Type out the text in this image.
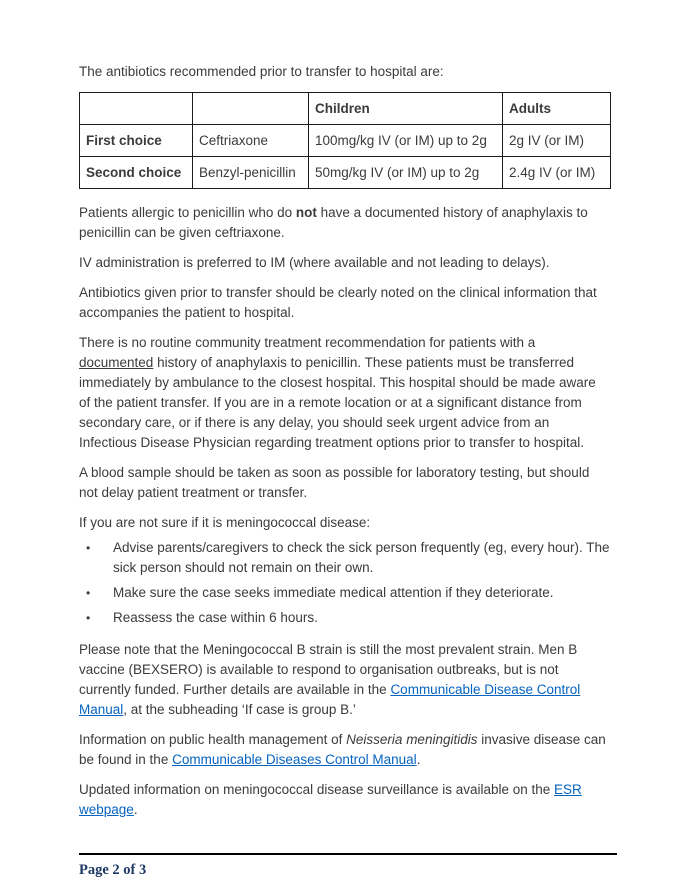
The antibiotics recommended prior to transfer to hospital are:

		Children	Adults
First choice	Ceftriaxone	100mg/kg IV (or IM) up to 2g	2g IV (or IM)
Second choice	Benzyl-penicillin	50mg/kg IV (or IM) up to 2g	2.4g IV (or IM)

Patients allergic to penicillin who do not have a documented history of anaphylaxis to penicillin can be given ceftriaxone.

IV administration is preferred to IM (where available and not leading to delays).

Antibiotics given prior to transfer should be clearly noted on the clinical information that accompanies the patient to hospital.

There is no routine community treatment recommendation for patients with a documented history of anaphylaxis to penicillin. These patients must be transferred immediately by ambulance to the closest hospital. This hospital should be made aware of the patient transfer. If you are in a remote location or at a significant distance from secondary care, or if there is any delay, you should seek urgent advice from an Infectious Disease Physician regarding treatment options prior to transfer to hospital.

A blood sample should be taken as soon as possible for laboratory testing, but should not delay patient treatment or transfer.

If you are not sure if it is meningococcal disease:

•	Advise parents/caregivers to check the sick person frequently (eg, every hour). The sick person should not remain on their own.
•	Make sure the case seeks immediate medical attention if they deteriorate.
•	Reassess the case within 6 hours.

Please note that the Meningococcal B strain is still the most prevalent strain. Men B vaccine (BEXSERO) is available to respond to organisation outbreaks, but is not currently funded. Further details are available in the Communicable Disease Control Manual, at the subheading ‘If case is group B.’

Information on public health management of Neisseria meningitidis invasive disease can be found in the Communicable Diseases Control Manual.

Updated information on meningococcal disease surveillance is available on the ESR webpage.

Page 2 of 3
